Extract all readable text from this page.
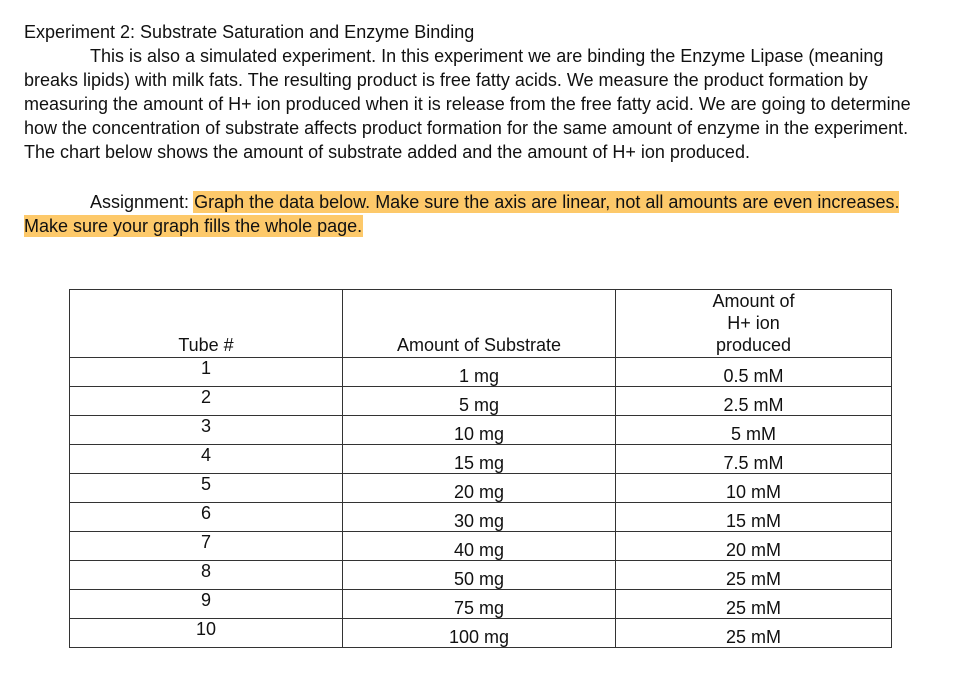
Experiment 2: Substrate Saturation and Enzyme Binding

This is also a simulated experiment. In this experiment we are binding the Enzyme Lipase (meaning breaks lipids) with milk fats. The resulting product is free fatty acids. We measure the product formation by measuring the amount of H+ ion produced when it is release from the free fatty acid. We are going to determine how the concentration of substrate affects product formation for the same amount of enzyme in the experiment. The chart below shows the amount of substrate added and the amount of H+ ion produced.

Assignment: Graph the data below. Make sure the axis are linear, not all amounts are even increases. Make sure your graph fills the whole page.
Tube #	Amount of Substrate	Amount of H+ ion produced
1	1 mg	0.5 mM
2	5 mg	2.5 mM
3	10 mg	5 mM
4	15 mg	7.5 mM
5	20 mg	10 mM
6	30 mg	15 mM
7	40 mg	20 mM
8	50 mg	25 mM
9	75 mg	25 mM
10	100 mg	25 mM
